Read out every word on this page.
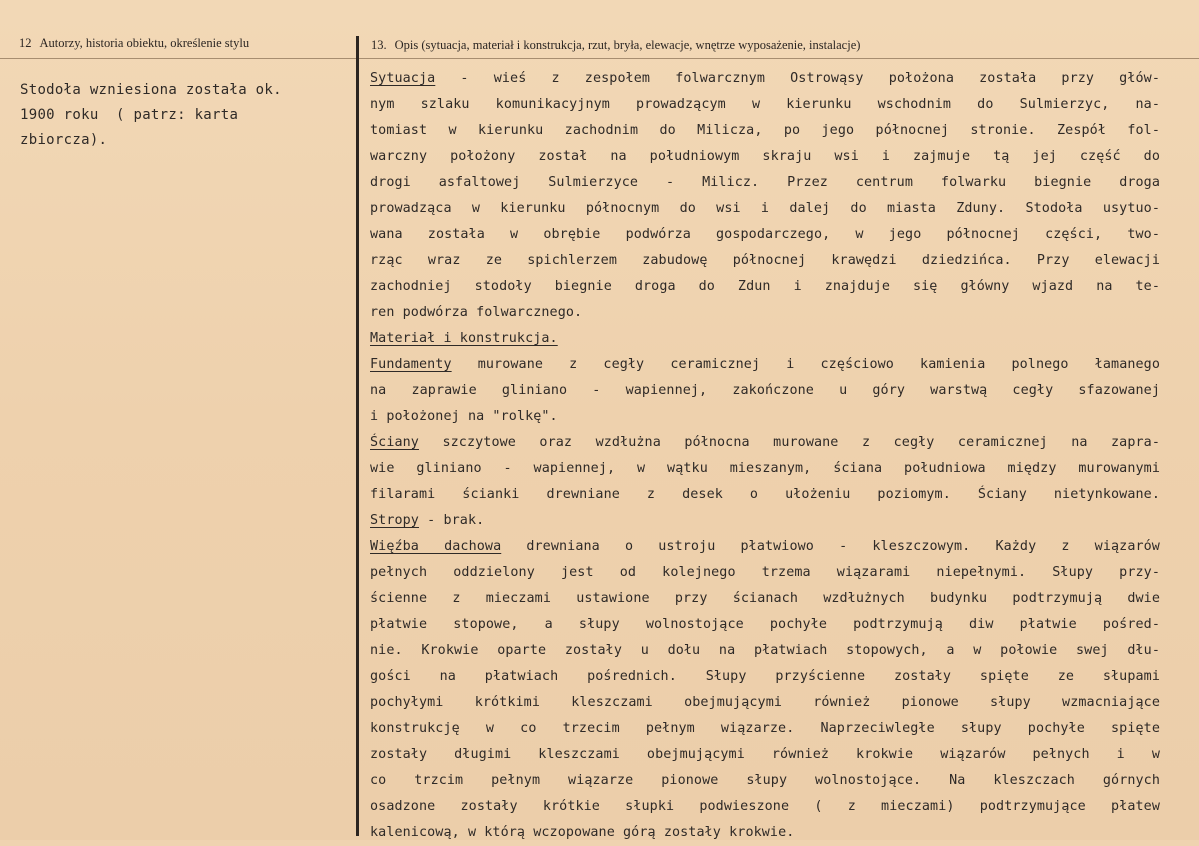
12 Autorzy, historia obiektu, określenie stylu	13. Opis (sytuacja, materiał i konstrukcja, rzut, bryła, elewacje, wnętrze wyposażenie, instalacje)
Stodoła wzniesiona została ok.
1900 roku  ( patrz: karta
zbiorcza).
Sytuacja - wieś z zespołem folwarcznym Ostrowąsy położona została przy głów-
nym szlaku komunikacyjnym prowadzącym w kierunku wschodnim do Sulmierzyc, na-
tomiast w kierunku zachodnim do Milicza, po jego północnej stronie. Zespół fol-
warczny położony został na południowym skraju wsi i zajmuje tą jej część do
drogi asfaltowej Sulmierzyce - Milicz. Przez centrum folwarku biegnie droga
prowadząca w kierunku północnym do wsi i dalej do miasta Zduny. Stodoła usytuo-
wana została w obrębie podwórza gospodarczego, w jego północnej części, two-
rząc wraz ze spichlerzem zabudowę północnej krawędzi dziedzińca. Przy elewacji
zachodniej stodoły biegnie droga do Zdun i znajduje się główny wjazd na te-
ren podwórza folwarcznego.
Materiał i konstrukcja.
Fundamenty murowane z cegły ceramicznej i częściowo kamienia polnego łamanego
na zaprawie gliniano - wapiennej, zakończone u góry warstwą cegły sfazowanej
i położonej na "rolkę".
Ściany szczytowe oraz wzdłużna północna murowane z cegły ceramicznej na zapra-
wie gliniano - wapiennej, w wątku mieszanym, ściana południowa między murowanymi
filarami ścianki drewniane z desek o ułożeniu poziomym. Ściany nietynkowane.
Stropy - brak.
Więźba dachowa drewniana o ustroju płatwiowo - kleszczowym. Każdy z wiązarów
pełnych oddzielony jest od kolejnego trzema wiązarami niepełnymi. Słupy przy-
ścienne z mieczami ustawione przy ścianach wzdłużnych budynku podtrzymują dwie
płatwie stopowe, a słupy wolnostojące pochyłe podtrzymują diw płatwie pośred-
nie. Krokwie oparte zostały u dołu na płatwiach stopowych, a w połowie swej dłu-
gości na płatwiach pośrednich. Słupy przyścienne zostały spięte ze słupami
pochyłymi krótkimi kleszczami obejmującymi również pionowe słupy wzmacniające
konstrukcję w co trzecim pełnym wiązarze. Naprzeciwległe słupy pochyłe spięte
zostały długimi kleszczami obejmującymi również krokwie wiązarów pełnych i w
co trzcim pełnym wiązarze pionowe słupy wolnostojące. Na kleszczach górnych
osadzone zostały krótkie słupki podwieszone ( z mieczami) podtrzymujące płatew
kalenicową, w którą wczopowane górą zostały krokwie.
